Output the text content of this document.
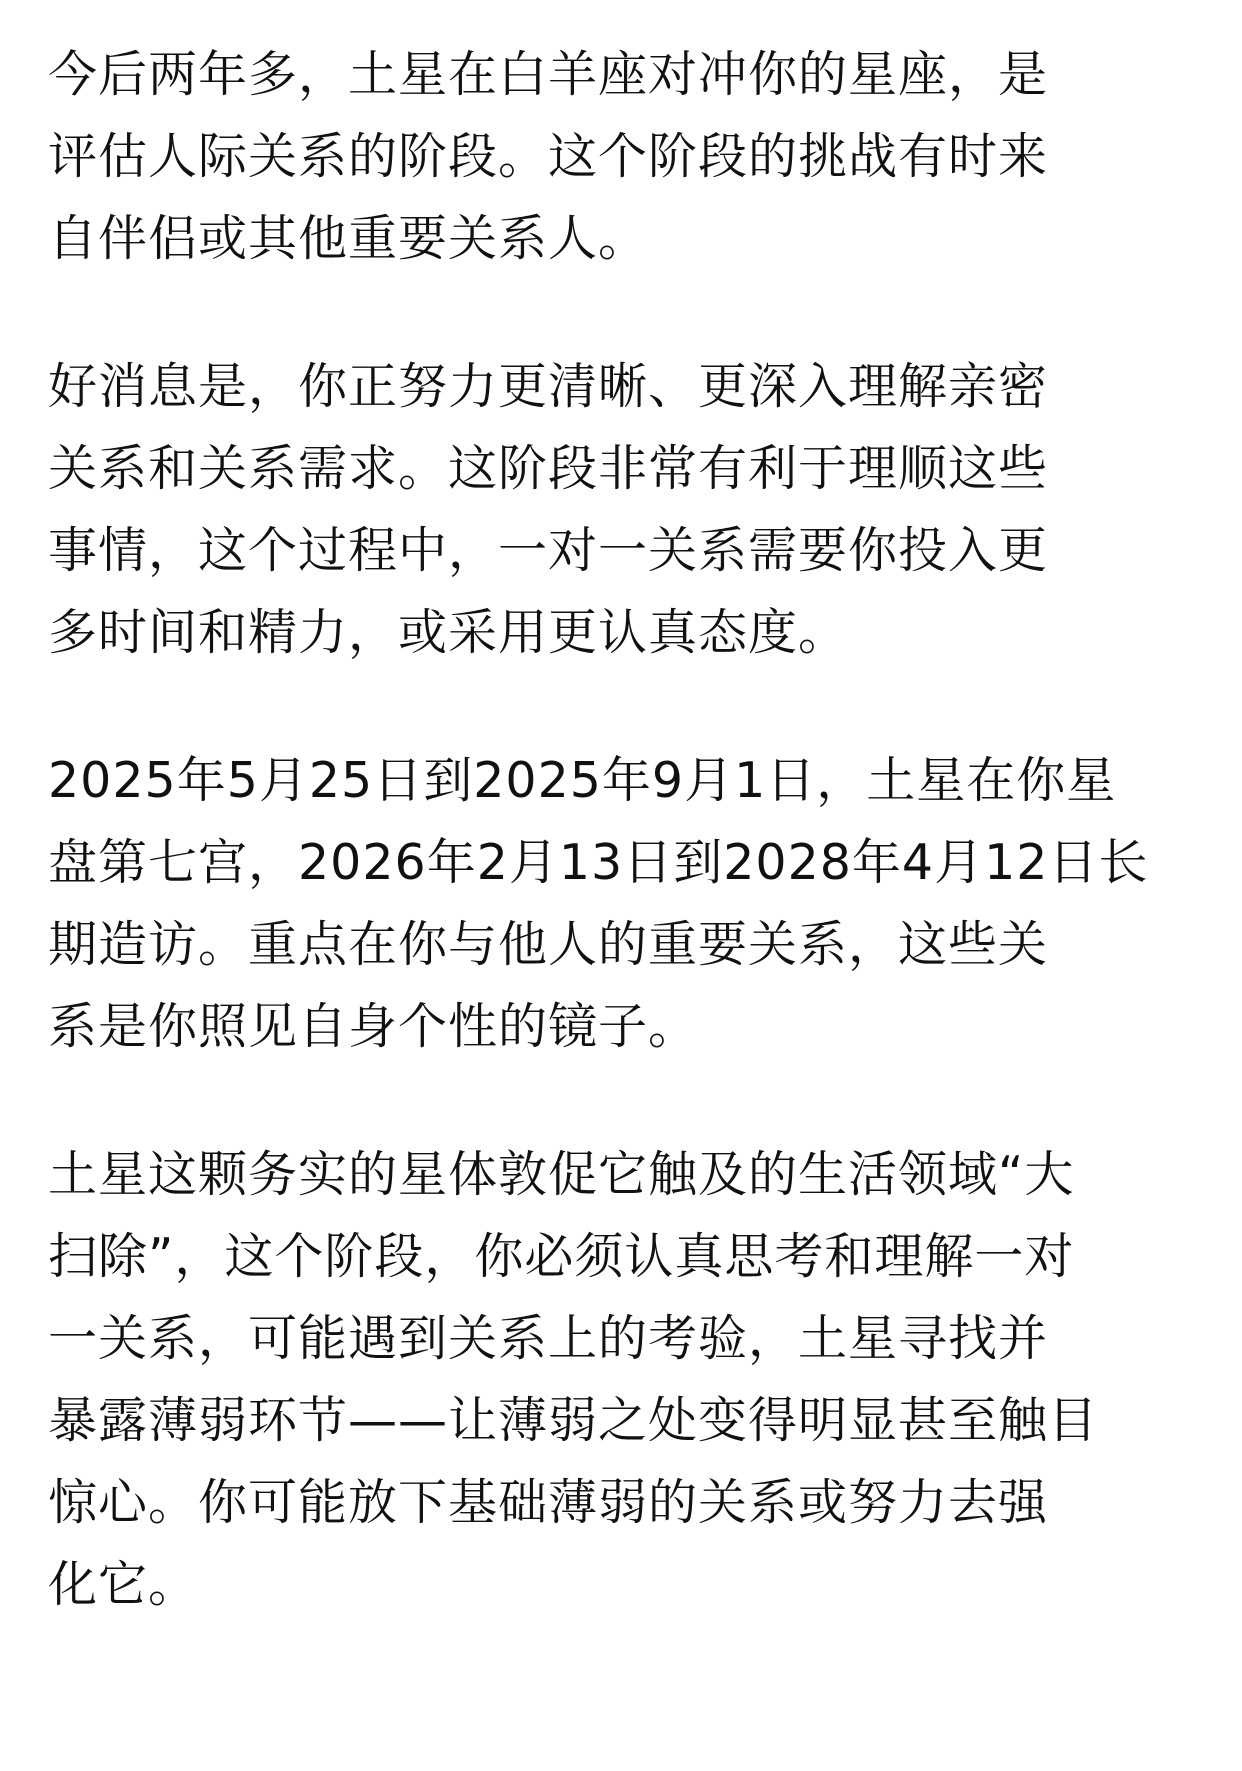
今后两年多，土星在白羊座对冲你的星座，是
评估人际关系的阶段。这个阶段的挑战有时来
自伴侣或其他重要关系人。
好消息是，你正努力更清晰、更深入理解亲密
关系和关系需求。这阶段非常有利于理顺这些
事情，这个过程中，一对一关系需要你投入更
多时间和精力，或采用更认真态度。
2025年5月25日到2025年9月1日，土星在你星
盘第七宫，2026年2月13日到2028年4月12日长
期造访。重点在你与他人的重要关系，这些关
系是你照见自身个性的镜子。
土星这颗务实的星体敦促它触及的生活领域“大
扫除”，这个阶段，你必须认真思考和理解一对
一关系，可能遇到关系上的考验，土星寻找并
暴露薄弱环节——让薄弱之处变得明显甚至触目
惊心。你可能放下基础薄弱的关系或努力去强
化它。
